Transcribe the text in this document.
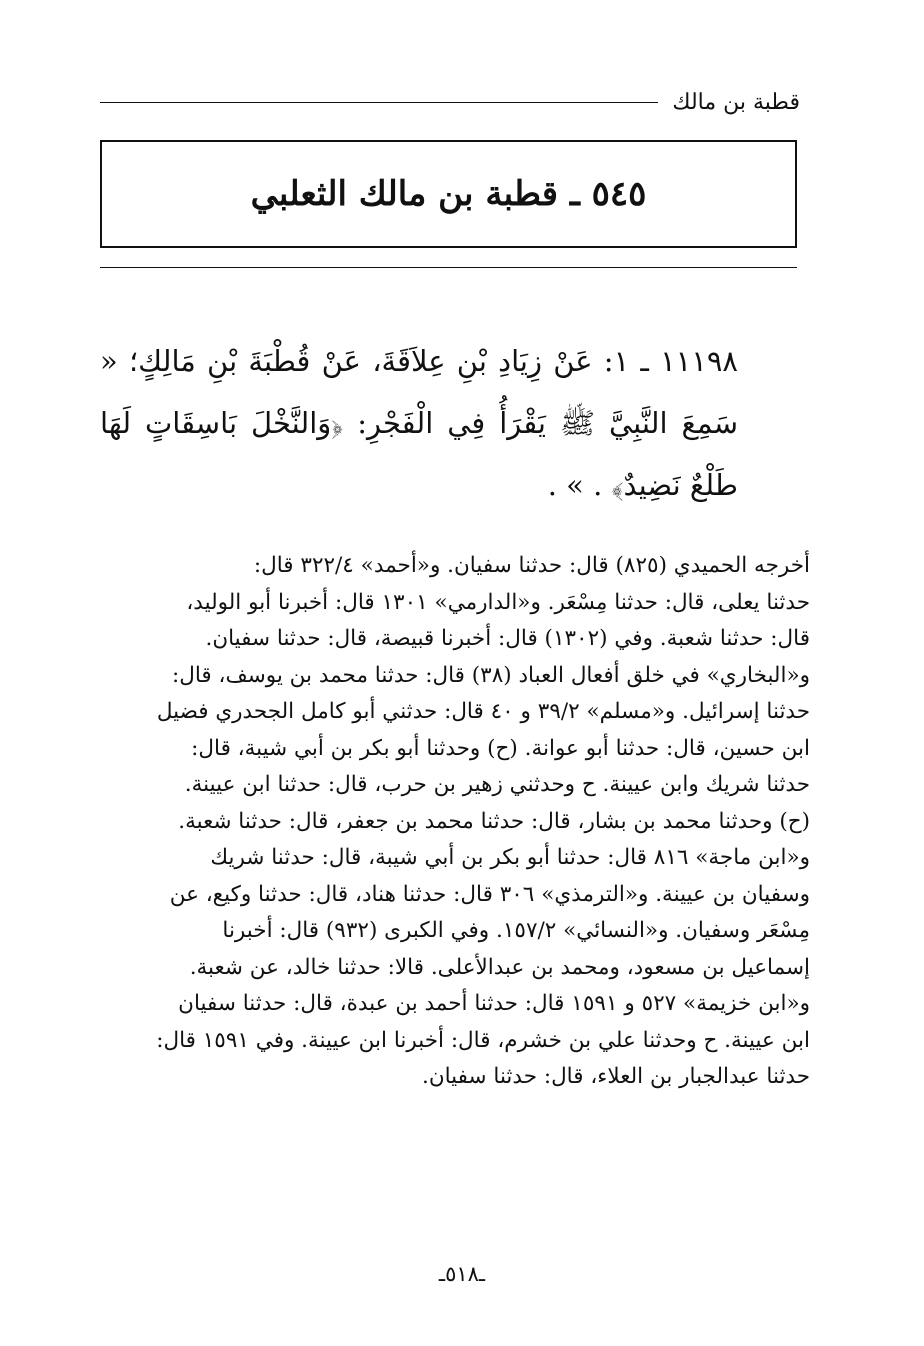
قطبة بن مالك
٥٤٥ ـ قطبة بن مالك الثعلبي
١١١٩٨ ـ ١: عَنْ زِيَادِ بْنِ عِلاَقَةَ، عَنْ قُطْبَةَ بْنِ مَالِكٍ؛ « سَمِعَ النَّبِيَّ ﷺ يَقْرَأُ فِي الْفَجْرِ: ﴿وَالنَّخْلَ بَاسِقَاتٍ لَهَا طَلْعٌ نَضِيدٌ﴾ . » .
أخرجه الحميدي (٨٢٥) قال: حدثنا سفيان. و«أحمد» ٣٢٢/٤ قال:
حدثنا يعلى، قال: حدثنا مِسْعَر. و«الدارمي» ١٣٠١ قال: أخبرنا أبو الوليد،
قال: حدثنا شعبة. وفي (١٣٠٢) قال: أخبرنا قبيصة، قال: حدثنا سفيان.
و«البخاري» في خلق أفعال العباد (٣٨) قال: حدثنا محمد بن يوسف، قال:
حدثنا إسرائيل. و«مسلم» ٣٩/٢ و ٤٠ قال: حدثني أبو كامل الجحدري فضيل
ابن حسين، قال: حدثنا أبو عوانة. (ح) وحدثنا أبو بكر بن أبي شيبة، قال:
حدثنا شريك وابن عيينة. ح وحدثني زهير بن حرب، قال: حدثنا ابن عيينة.
(ح) وحدثنا محمد بن بشار، قال: حدثنا محمد بن جعفر، قال: حدثنا شعبة.
و«ابن ماجة» ٨١٦ قال: حدثنا أبو بكر بن أبي شيبة، قال: حدثنا شريك
وسفيان بن عيينة. و«الترمذي» ٣٠٦ قال: حدثنا هناد، قال: حدثنا وكيع، عن
مِسْعَر وسفيان. و«النسائي» ١٥٧/٢. وفي الكبرى (٩٣٢) قال: أخبرنا
إسماعيل بن مسعود، ومحمد بن عبدالأعلى. قالا: حدثنا خالد، عن شعبة.
و«ابن خزيمة» ٥٢٧ و ١٥٩١ قال: حدثنا أحمد بن عبدة، قال: حدثنا سفيان
ابن عيينة. ح وحدثنا علي بن خشرم، قال: أخبرنا ابن عيينة. وفي ١٥٩١ قال:
حدثنا عبدالجبار بن العلاء، قال: حدثنا سفيان.
ـ٥١٨ـ
